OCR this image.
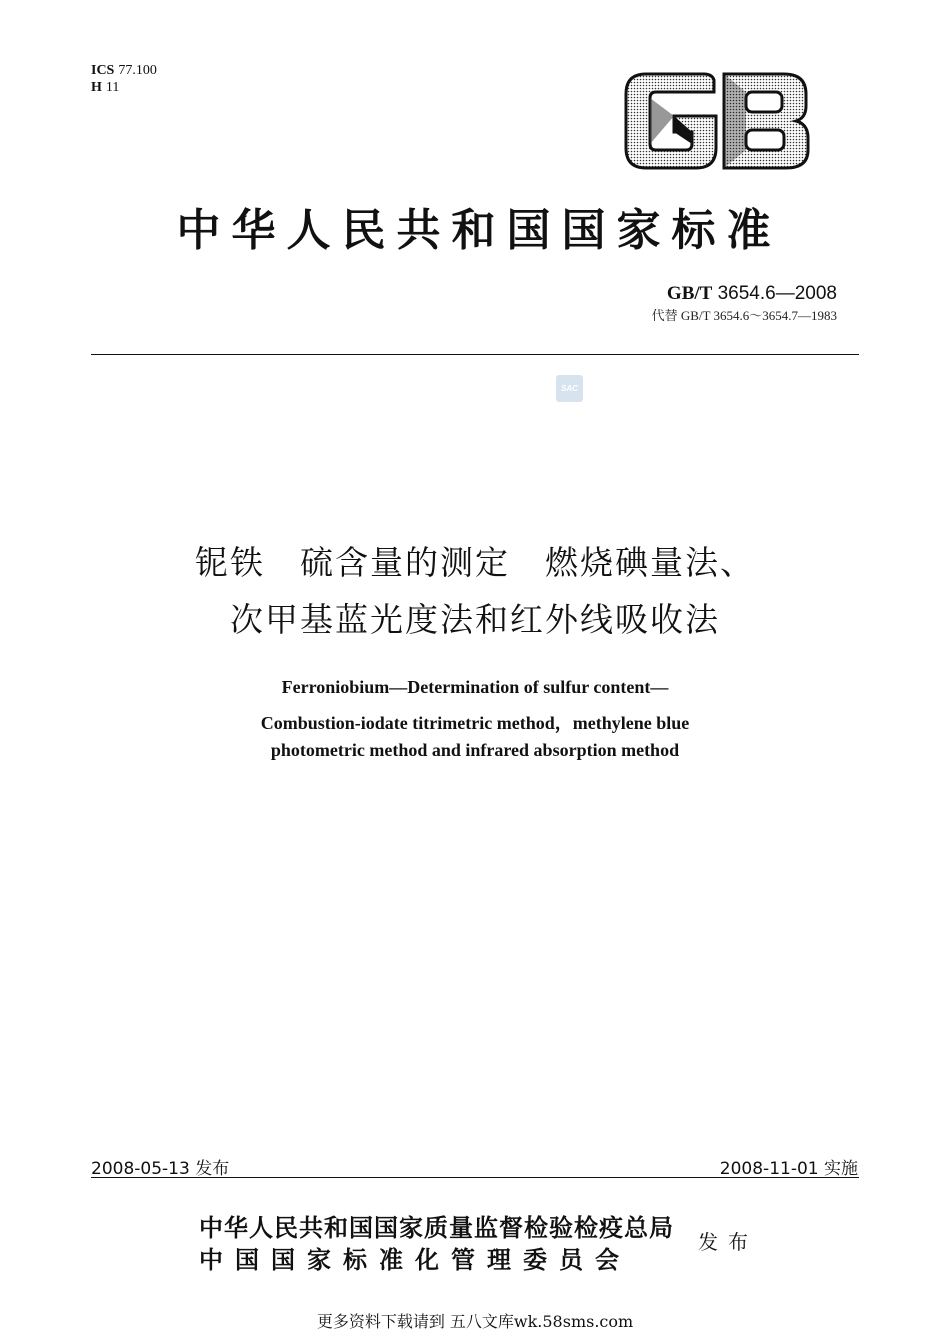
ICS 77.100
H 11
中华人民共和国国家标准
GB/T 3654.6—2008
代替 GB/T 3654.6～3654.7—1983
SAC
铌铁　硫含量的测定　燃烧碘量法、
次甲基蓝光度法和红外线吸收法
Ferroniobium—Determination of sulfur content—
Combustion-iodate titrimetric method，methylene blue
photometric method and infrared absorption method
2008-05-13 发布	2008-11-01 实施
中华人民共和国国家质量监督检验检疫总局
中国国家标准化管理委员会
发布
更多资料下载请到 五八文库wk.58sms.com
